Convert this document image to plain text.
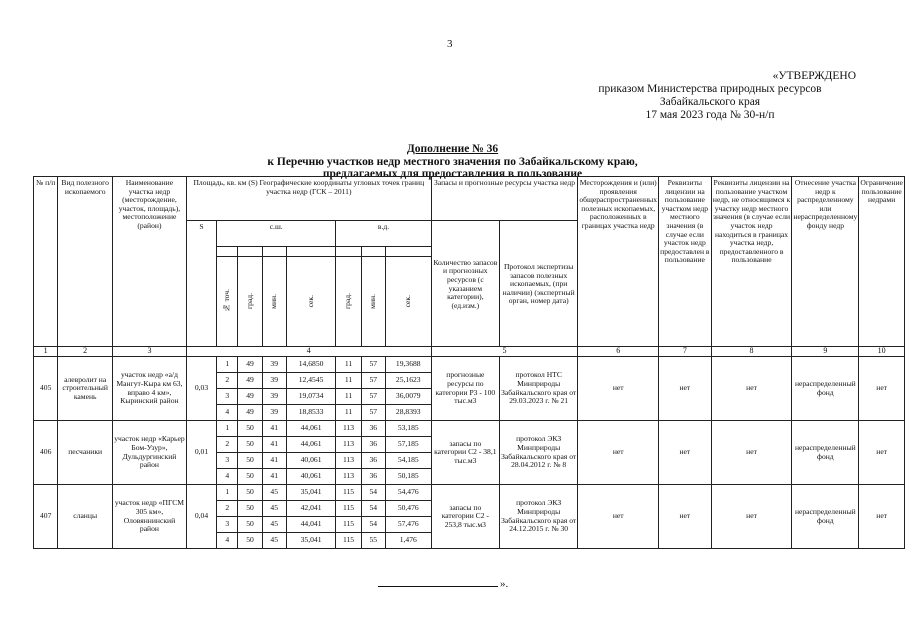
3
«УТВЕРЖДЕНО
приказом Министерства природных ресурсов
Забайкальского края
17 мая 2023 года № 30-н/п
Дополнение № 36
к Перечню участков недр местного значения по Забайкальскому краю,
предлагаемых для предоставления в пользование
№ п/п	Вид полезного ископаемого	Наименование участка недр (месторождение, участок, площадь), местоположение (район)	Площадь, кв. км (S) Географические координаты угловых точек границ участка недр (ГСК – 2011)								Запасы и прогнозные ресурсы участка недр		Месторождения и (или) проявления общераспространенных полезных ископаемых, расположенных в границах участка недр	Реквизиты лицензии на пользование участком недр местного значения (в случае если участок недр предоставлен в пользование	Реквизиты лицензии на пользование участком недр, не относящимся к участку недр местного значения (в случае если участок недр находиться в границах участка недр, предоставленного в пользование	Отнесение участка недр к распределенному или нераспределенному фонду недр	Ограничение пользование недрами
			S	с.ш.				в.д.			Количество запасов и прогнозных ресурсов (с указанием категории), (ед.изм.)	Протокол экспертизы запасов полезных ископаемых, (при наличии) (экспертный орган, номер дата)					

				№ точ.	град.	мин.	сек.	град.	мин.	сек.							
1	2	3	4								5		6	7	8	9	10
405	алевролит на строительный камень	участок недр «а/д Мангут-Кыра км 63, вправо 4 км», Кыринский район	0,03	1	49	39	14,6850	11	57	19,3688	прогнозные ресурсы по категории Р3 - 100 тыс.м3	протокол НТС Минприроды Забайкальского края от 29.03.2023 г. № 21	нет	нет	нет	нераспределенный фонд	нет
				2	49	39	12,4545	11	57	25,1623							
				3	49	39	19,0734	11	57	36,0079							
				4	49	39	18,8533	11	57	28,8393							
406	песчаники	участок недр «Карьер Бом-Узур», Дульдургинский район	0,01	1	50	41	44,061	113	36	53,185	запасы по категории С2 - 38,1 тыс.м3	протокол ЭКЗ Минприроды Забайкальского края от 28.04.2012 г. № 8	нет	нет	нет	нераспределенный фонд	нет
				2	50	41	44,061	113	36	57,185							
				3	50	41	40,061	113	36	54,185							
				4	50	41	40,061	113	36	50,185							
407	сланцы	участок недр «ПГСМ 305 км», Оловяннинский район	0,04	1	50	45	35,041	115	54	54,476	запасы по категории С2 - 253,8 тыс.м3	протокол ЭКЗ Минприроды Забайкальского края от 24.12.2015 г. № 30	нет	нет	нет	нераспределенный фонд	нет
				2	50	45	42,041	115	54	50,476							
				3	50	45	44,041	115	54	57,476							
				4	50	45	35,041	115	55	1,476							
».
